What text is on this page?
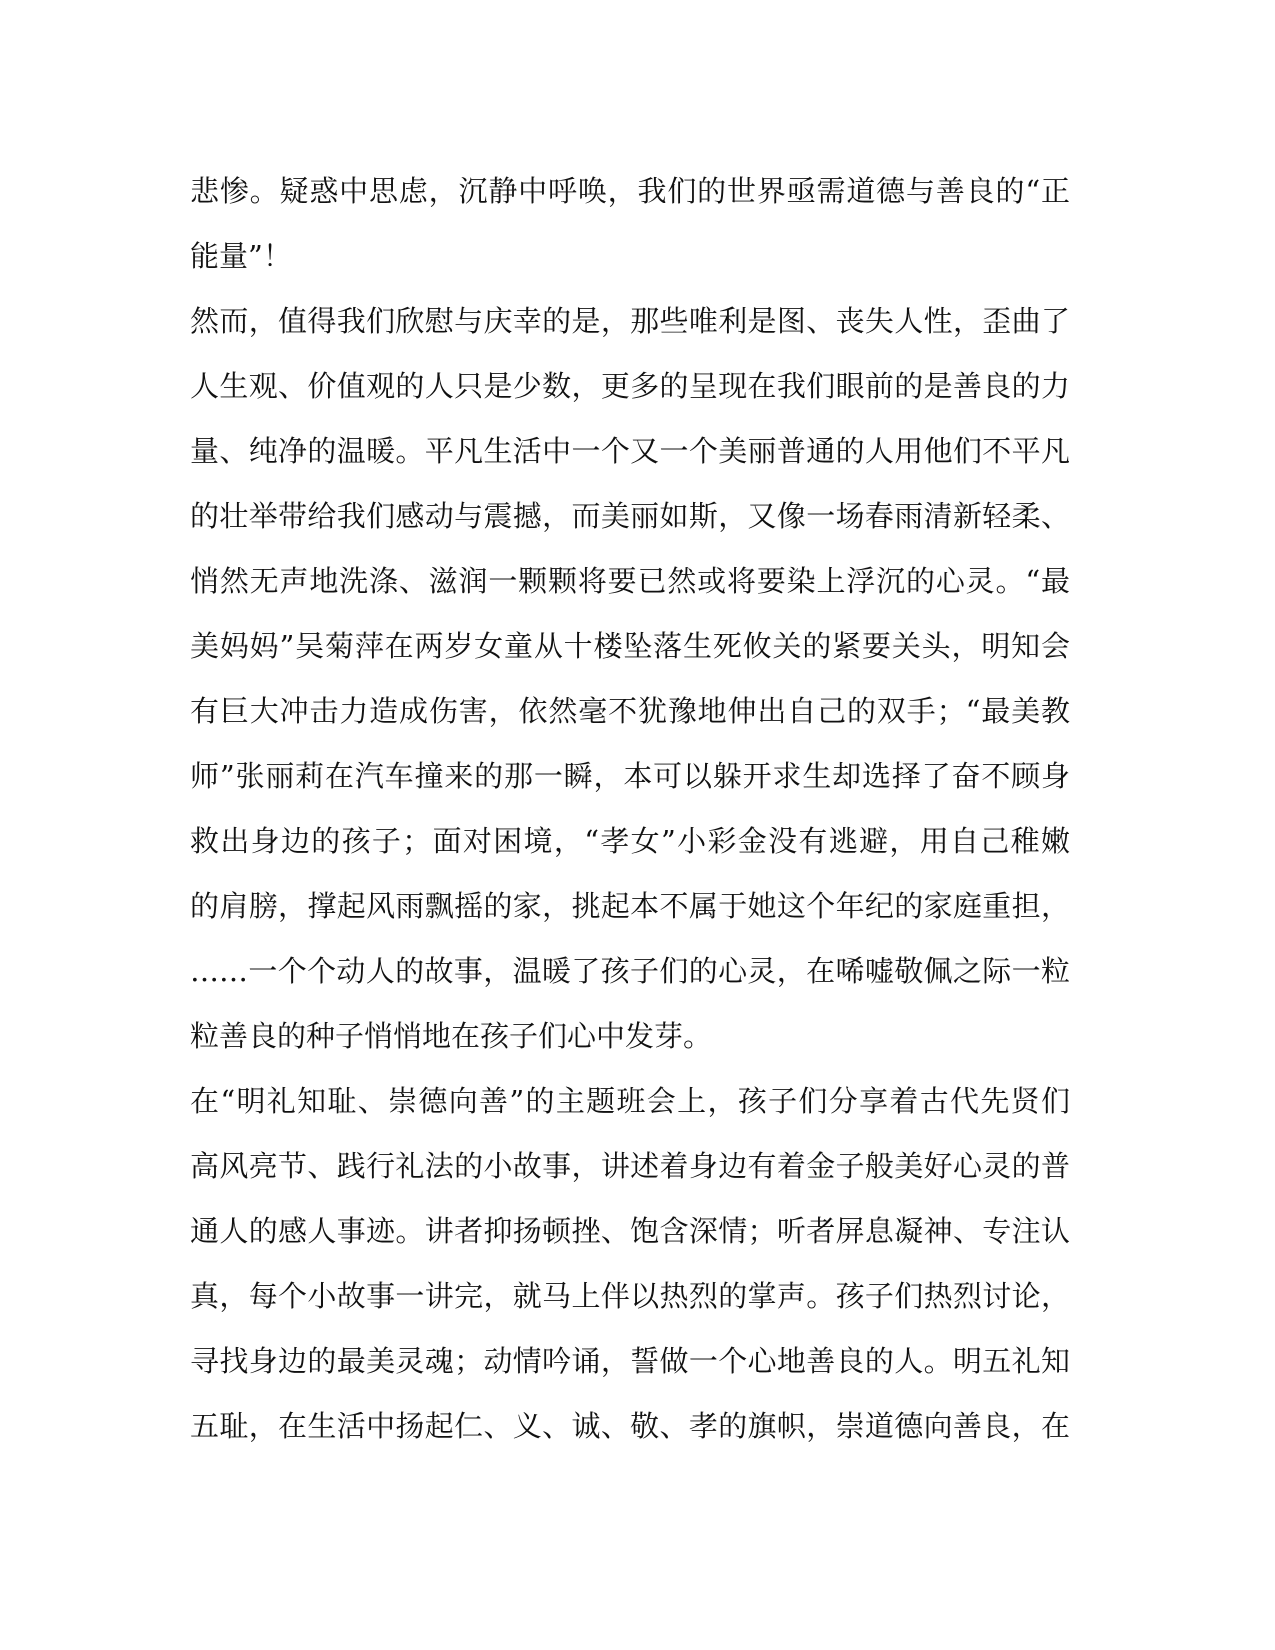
悲惨。疑惑中思虑，沉静中呼唤，我们的世界亟需道德与善良的“正
能量”！
然而，值得我们欣慰与庆幸的是，那些唯利是图、丧失人性，歪曲了
人生观、价值观的人只是少数，更多的呈现在我们眼前的是善良的力
量、纯净的温暖。平凡生活中一个又一个美丽普通的人用他们不平凡
的壮举带给我们感动与震撼，而美丽如斯，又像一场春雨清新轻柔、
悄然无声地洗涤、滋润一颗颗将要已然或将要染上浮沉的心灵。“最
美妈妈”吴菊萍在两岁女童从十楼坠落生死攸关的紧要关头，明知会
有巨大冲击力造成伤害，依然毫不犹豫地伸出自己的双手；“最美教
师”张丽莉在汽车撞来的那一瞬，本可以躲开求生却选择了奋不顾身
救出身边的孩子；面对困境，“孝女”小彩金没有逃避，用自己稚嫩
的肩膀，撑起风雨飘摇的家，挑起本不属于她这个年纪的家庭重担，
……一个个动人的故事，温暖了孩子们的心灵，在唏嘘敬佩之际一粒
粒善良的种子悄悄地在孩子们心中发芽。
在“明礼知耻、崇德向善”的主题班会上，孩子们分享着古代先贤们
高风亮节、践行礼法的小故事，讲述着身边有着金子般美好心灵的普
通人的感人事迹。讲者抑扬顿挫、饱含深情；听者屏息凝神、专注认
真，每个小故事一讲完，就马上伴以热烈的掌声。孩子们热烈讨论，
寻找身边的最美灵魂；动情吟诵，誓做一个心地善良的人。明五礼知
五耻，在生活中扬起仁、义、诚、敬、孝的旗帜，崇道德向善良，在
